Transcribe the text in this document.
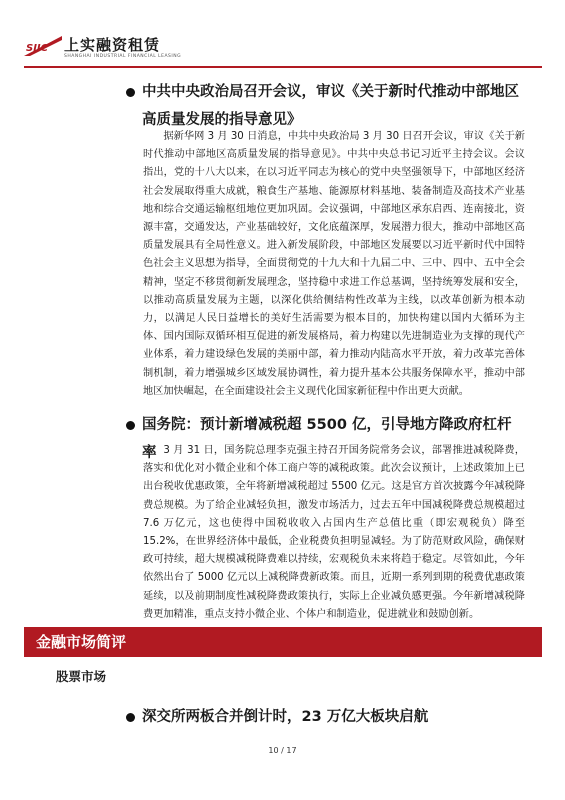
SIIC 上实融资租赁
SHANGHAI INDUSTRIAL FINANCIAL LEASING
中共中央政治局召开会议，审议《关于新时代推动中部地区高质量发展的指导意见》

据新华网 3 月 30 日消息，中共中央政治局 3 月 30 日召开会议，审议《关于新时代推动中部地区高质量发展的指导意见》。中共中央总书记习近平主持会议。会议指出，党的十八大以来，在以习近平同志为核心的党中央坚强领导下，中部地区经济社会发展取得重大成就，粮食生产基地、能源原材料基地、装备制造及高技术产业基地和综合交通运输枢纽地位更加巩固。会议强调，中部地区承东启西、连南接北，资源丰富，交通发达，产业基础较好，文化底蕴深厚，发展潜力很大，推动中部地区高质量发展具有全局性意义。进入新发展阶段，中部地区发展要以习近平新时代中国特色社会主义思想为指导，全面贯彻党的十九大和十九届二中、三中、四中、五中全会精神，坚定不移贯彻新发展理念，坚持稳中求进工作总基调，坚持统筹发展和安全，以推动高质量发展为主题，以深化供给侧结构性改革为主线，以改革创新为根本动力，以满足人民日益增长的美好生活需要为根本目的，加快构建以国内大循环为主体、国内国际双循环相互促进的新发展格局，着力构建以先进制造业为支撑的现代产业体系，着力建设绿色发展的美丽中部，着力推动内陆高水平开放，着力改革完善体制机制，着力增强城乡区域发展协调性，着力提升基本公共服务保障水平，推动中部地区加快崛起，在全面建设社会主义现代化国家新征程中作出更大贡献。

国务院：预计新增减税超 5500 亿，引导地方降政府杠杆率 3 月 31 日，国务院总理李克强主持召开国务院常务会议，部署推进减税降费，落实和优化对小微企业和个体工商户等的减税政策。此次会议预计，上述政策加上已出台税收优惠政策，全年将新增减税超过 5500 亿元。这是官方首次披露今年减税降费总规模。为了给企业减轻负担，激发市场活力，过去五年中国减税降费总规模超过 7.6 万亿元，这也使得中国税收收入占国内生产总值比重（即宏观税负）降至 15.2%，在世界经济体中最低，企业税费负担明显减轻。为了防范财政风险，确保财政可持续，超大规模减税降费难以持续，宏观税负未来将趋于稳定。尽管如此，今年依然出台了 5000 亿元以上减税降费新政策。而且，近期一系列到期的税费优惠政策延续，以及前期制度性减税降费政策执行，实际上企业减负感更强。今年新增减税降费更加精准，重点支持小微企业、个体户和制造业，促进就业和鼓励创新。

金融市场简评
股票市场
深交所两板合并倒计时，23 万亿大板块启航
10 / 17
